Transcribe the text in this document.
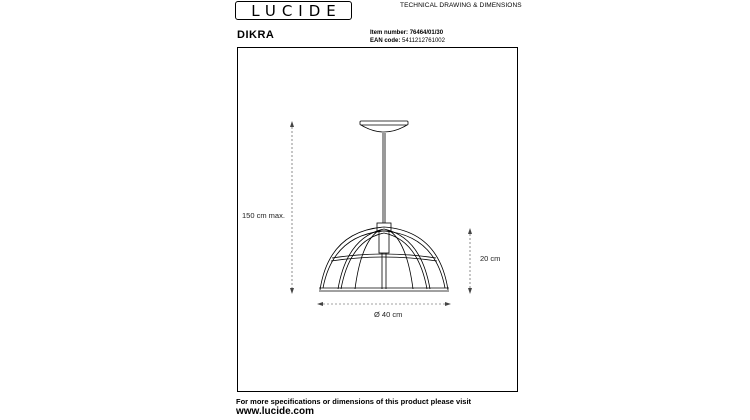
LUCIDE	TECHNICAL DRAWING & DIMENSIONS
DIKRA	Item number: 76464/01/30
EAN code: 5411212761002
150 cm max.
20 cm
Ø 40 cm
For more specifications or dimensions of this product please visit
www.lucide.com
